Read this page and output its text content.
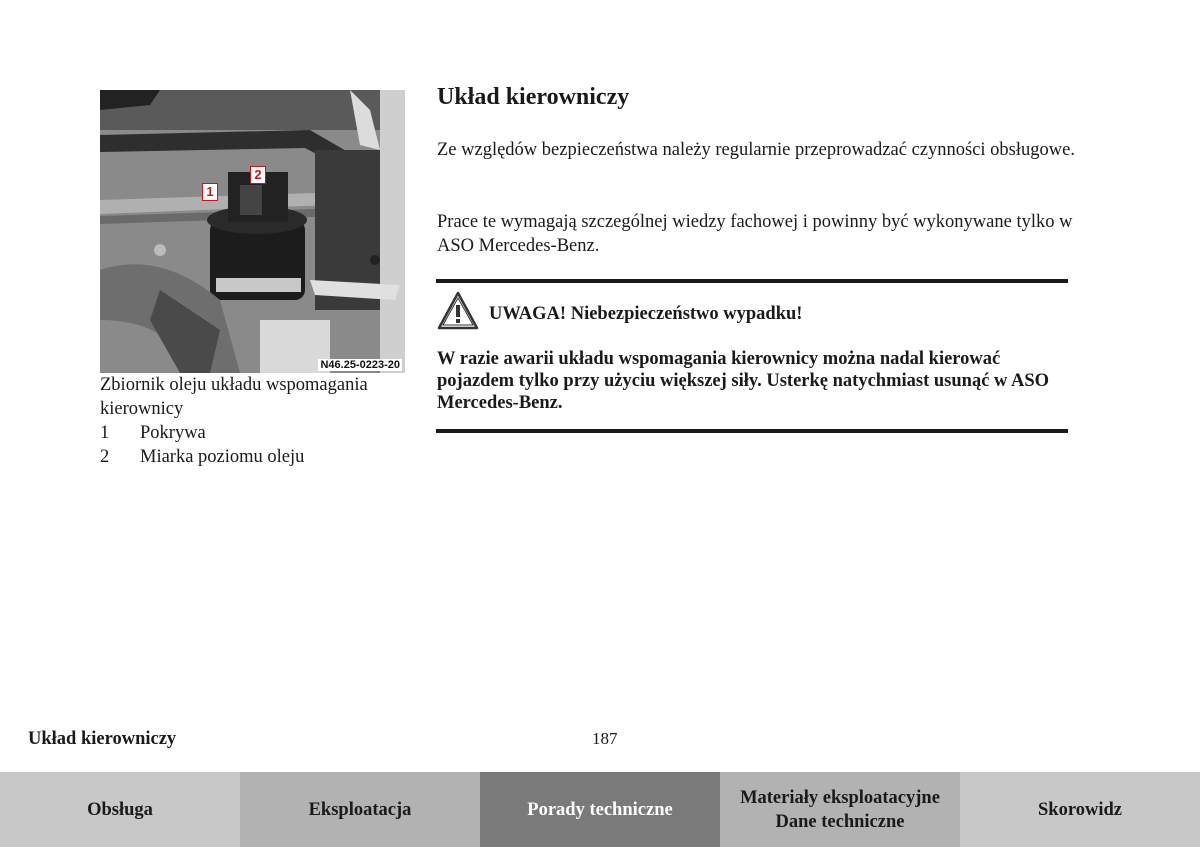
1
2
N46.25-0223-20
Zbiornik oleju układu wspomagania kierownicy
1 Pokrywa
2 Miarka poziomu oleju
Układ kierowniczy
Ze względów bezpieczeństwa należy regularnie przeprowadzać czynności obsługowe.
Prace te wymagają szczególnej wiedzy fachowej i powinny być wykonywane tylko w ASO Mercedes-Benz.
UWAGA! Niebezpieczeństwo wypadku!
W razie awarii układu wspomagania kierownicy można nadal kierować pojazdem tylko przy użyciu większej siły. Usterkę natychmiast usunąć w ASO Mercedes-Benz.
Układ kierowniczy	187
Obsługa	Eksploatacja	Porady techniczne
Materiały eksploatacyjne
Dane techniczne
Skorowidz
